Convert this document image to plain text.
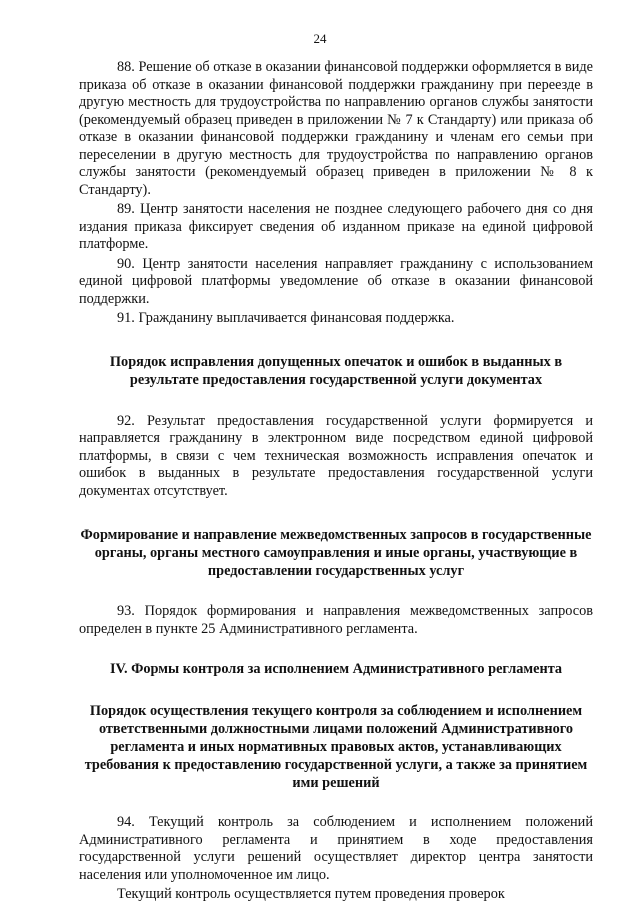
24

88. Решение об отказе в оказании финансовой поддержки оформляется в виде приказа об отказе в оказании финансовой поддержки гражданину при переезде в другую местность для трудоустройства по направлению органов службы занятости (рекомендуемый образец приведен в приложении № 7 к Стандарту) или приказа об отказе в оказании финансовой поддержки гражданину и членам его семьи при переселении в другую местность для трудоустройства по направлению органов службы занятости (рекомендуемый образец приведен в приложении № 8 к Стандарту).

89. Центр занятости населения не позднее следующего рабочего дня со дня издания приказа фиксирует сведения об изданном приказе на единой цифровой платформе.

90. Центр занятости населения направляет гражданину с использованием единой цифровой платформы уведомление об отказе в оказании финансовой поддержки.

91. Гражданину выплачивается финансовая поддержка.

Порядок исправления допущенных опечаток и ошибок в выданных в результате предоставления государственной услуги документах

92. Результат предоставления государственной услуги формируется и направляется гражданину в электронном виде посредством единой цифровой платформы, в связи с чем техническая возможность исправления опечаток и ошибок в выданных в результате предоставления государственной услуги документах отсутствует.

Формирование и направление межведомственных запросов в государственные органы, органы местного самоуправления и иные органы, участвующие в предоставлении государственных услуг

93. Порядок формирования и направления межведомственных запросов определен в пункте 25 Административного регламента.

IV. Формы контроля за исполнением Административного регламента
Порядок осуществления текущего контроля за соблюдением и исполнением ответственными должностными лицами положений Административного регламента и иных нормативных правовых актов, устанавливающих требования к предоставлению государственной услуги, а также за принятием ими решений

94. Текущий контроль за соблюдением и исполнением положений Административного регламента и принятием в ходе предоставления государственной услуги решений осуществляет директор центра занятости населения или уполномоченное им лицо.

Текущий контроль осуществляется путем проведения проверок
